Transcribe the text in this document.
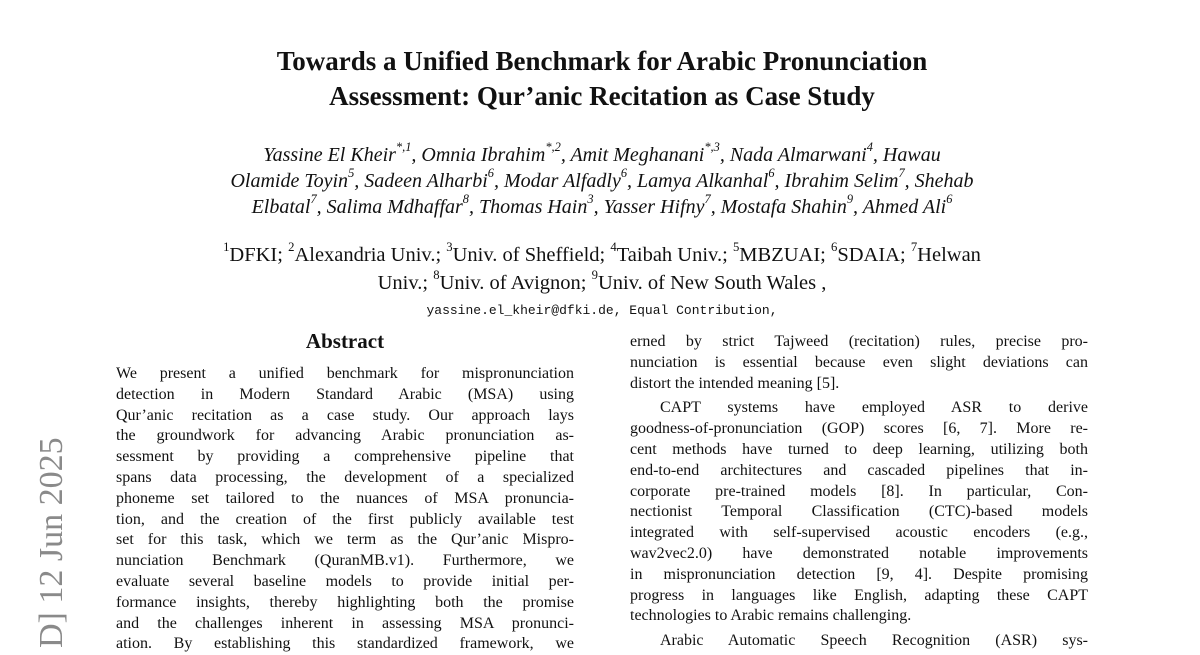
Towards a Unified Benchmark for Arabic Pronunciation
Assessment: Qur’anic Recitation as Case Study
Yassine El Kheir$^{*,1}$, Omnia Ibrahim$^{*,2}$, Amit Meghanani$^{*,3}$, Nada Almarwani$^4$, Hawau
Olamide Toyin$^5$, Sadeen Alharbi$^6$, Modar Alfadly$^6$, Lamya Alkanhal$^6$, Ibrahim Selim$^7$, Shehab
Elbatal$^7$, Salima Mdhaffar$^8$, Thomas Hain$^3$, Yasser Hifny$^7$, Mostafa Shahin$^9$, Ahmed Ali$^6$
$^1$DFKI; $^2$Alexandria Univ.; $^3$Univ. of Sheffield; $^4$Taibah Univ.; $^5$MBZUAI; $^6$SDAIA; $^7$Helwan
Univ.; $^8$Univ. of Avignon; $^9$Univ. of New South Wales ,
yassine.el_kheir@dfki.de, Equal Contribution,
Abstract
We present a unified benchmark for mispronunciation
detection in Modern Standard Arabic (MSA) using
Qur’anic recitation as a case study. Our approach lays
the groundwork for advancing Arabic pronunciation as-
sessment by providing a comprehensive pipeline that
spans data processing, the development of a specialized
phoneme set tailored to the nuances of MSA pronuncia-
tion, and the creation of the first publicly available test
set for this task, which we term as the Qur’anic Mispro-
nunciation Benchmark (QuranMB.v1). Furthermore, we
evaluate several baseline models to provide initial per-
formance insights, thereby highlighting both the promise
and the challenges inherent in assessing MSA pronunci-
ation. By establishing this standardized framework, we
erned by strict Tajweed (recitation) rules, precise pro-
nunciation is essential because even slight deviations can
distort the intended meaning [5].
CAPT systems have employed ASR to derive
goodness-of-pronunciation (GOP) scores [6, 7]. More re-
cent methods have turned to deep learning, utilizing both
end-to-end architectures and cascaded pipelines that in-
corporate pre-trained models [8]. In particular, Con-
nectionist Temporal Classification (CTC)-based models
integrated with self-supervised acoustic encoders (e.g.,
wav2vec2.0) have demonstrated notable improvements
in mispronunciation detection [9, 4]. Despite promising
progress in languages like English, adapting these CAPT
technologies to Arabic remains challenging.
Arabic Automatic Speech Recognition (ASR) sys-
D] 12 Jun 2025
